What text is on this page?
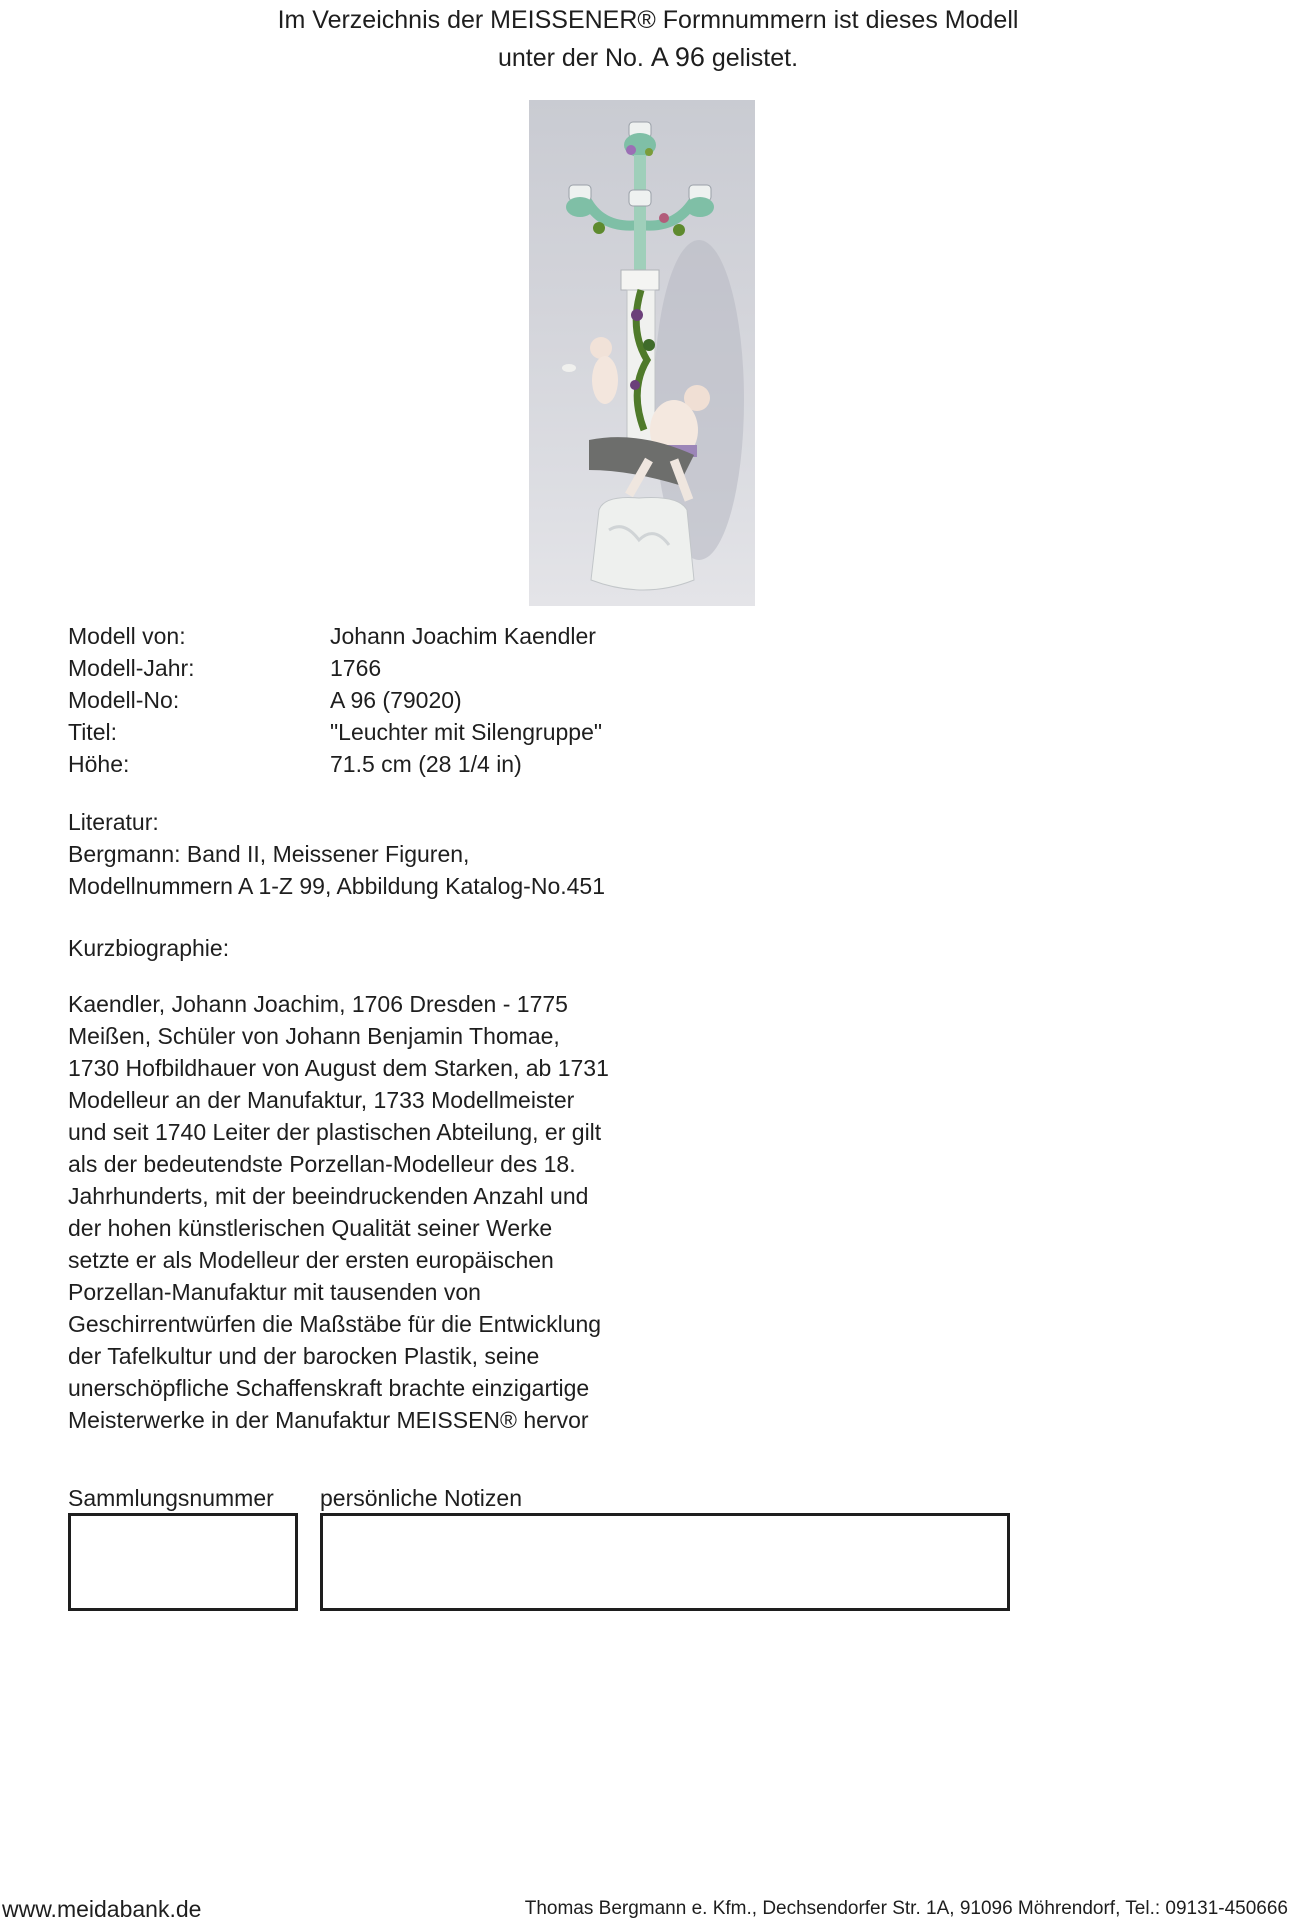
Im Verzeichnis der MEISSENER® Formnummern ist dieses Modell
unter der No. A 96 gelistet.
Modell von:	Johann Joachim Kaendler
Modell-Jahr:	1766
Modell-No:	A 96 (79020)
Titel:	"Leuchter mit Silengruppe"
Höhe:	71.5 cm (28 1/4 in)
Literatur:
Bergmann: Band II, Meissener Figuren,
Modellnummern A 1-Z 99, Abbildung Katalog-No.451
Kurzbiographie:
Kaendler, Johann Joachim, 1706 Dresden - 1775
Meißen, Schüler von Johann Benjamin Thomae,
1730 Hofbildhauer von August dem Starken, ab 1731
Modelleur an der Manufaktur, 1733 Modellmeister
und seit 1740 Leiter der plastischen Abteilung, er gilt
als der bedeutendste Porzellan-Modelleur des 18.
Jahrhunderts, mit der beeindruckenden Anzahl und
der hohen künstlerischen Qualität seiner Werke
setzte er als Modelleur der ersten europäischen
Porzellan-Manufaktur mit tausenden von
Geschirrentwürfen die Maßstäbe für die Entwicklung
der Tafelkultur und der barocken Plastik, seine
unerschöpfliche Schaffenskraft brachte einzigartige
Meisterwerke in der Manufaktur MEISSEN® hervor
Sammlungsnummer persönliche Notizen
www.meidabank.de	Thomas Bergmann e. Kfm., Dechsendorfer Str. 1A, 91096 Möhrendorf, Tel.: 09131-450666
